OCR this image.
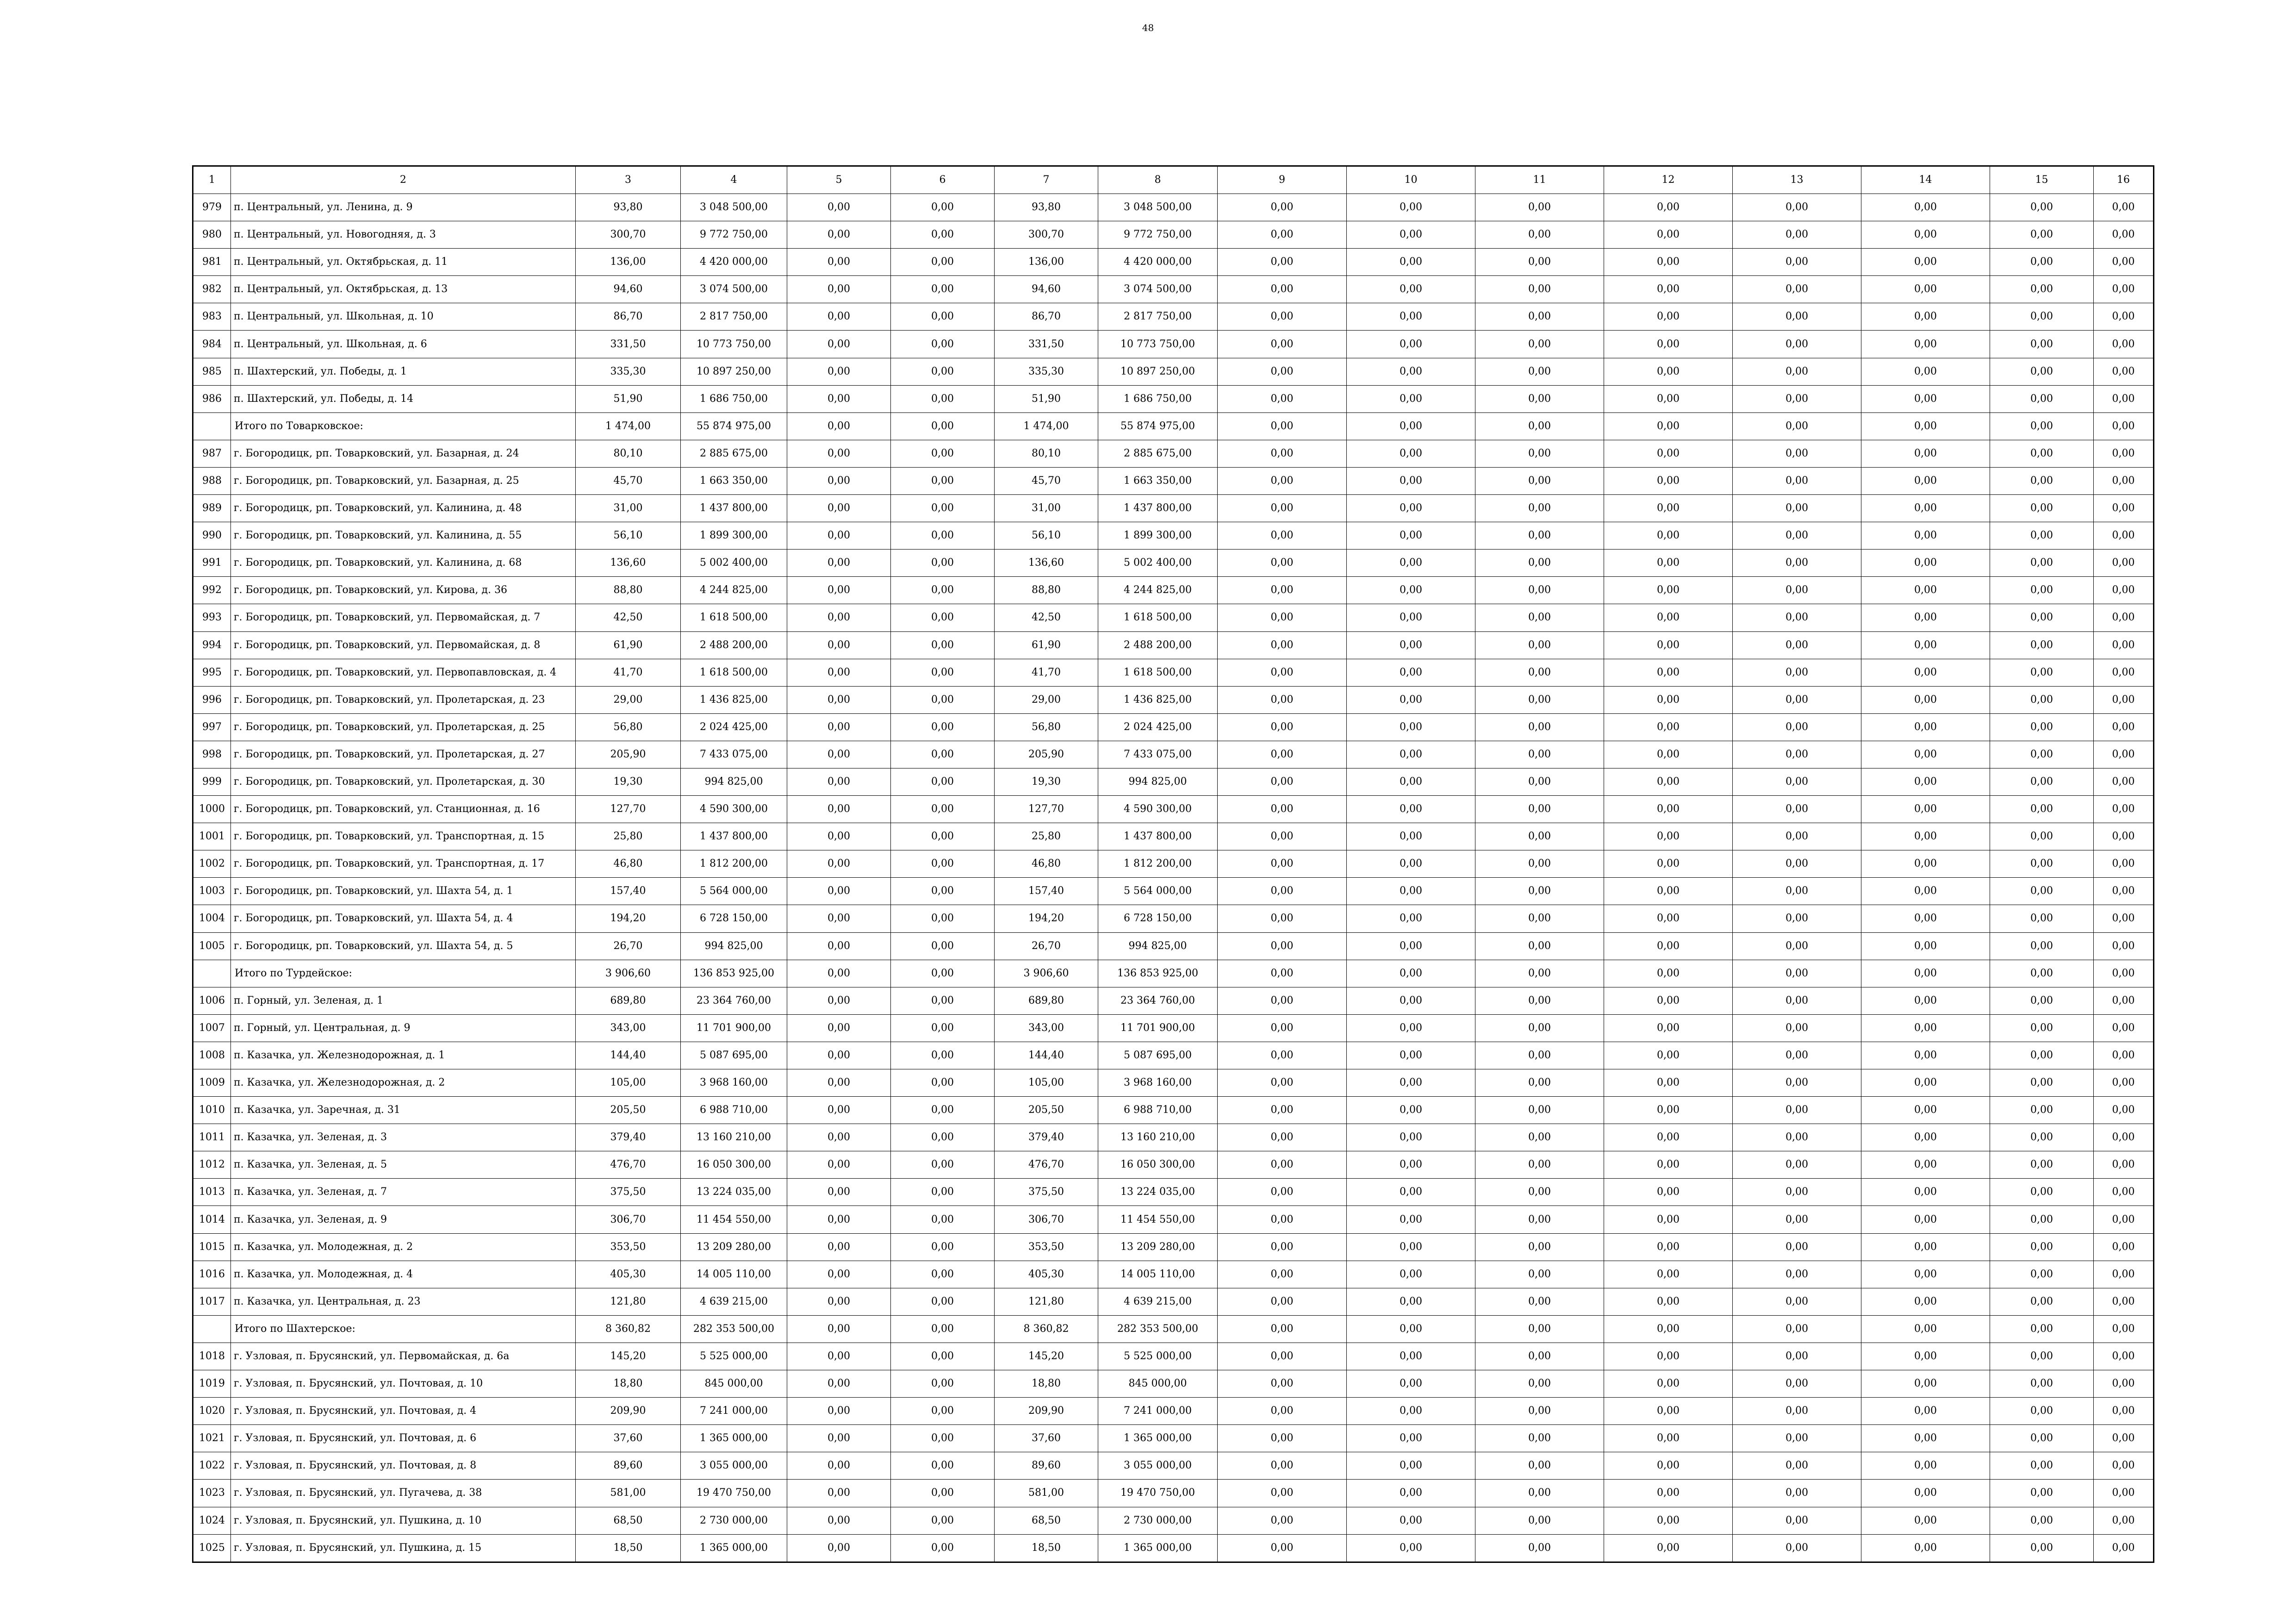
48
1	2	3	4	5	6	7	8	9	10	11	12	13	14	15	16
979	п. Центральный, ул. Ленина, д. 9	93,80	3 048 500,00	0,00	0,00	93,80	3 048 500,00	0,00	0,00	0,00	0,00	0,00	0,00	0,00	0,00
980	п. Центральный, ул. Новогодняя, д. 3	300,70	9 772 750,00	0,00	0,00	300,70	9 772 750,00	0,00	0,00	0,00	0,00	0,00	0,00	0,00	0,00
981	п. Центральный, ул. Октябрьская, д. 11	136,00	4 420 000,00	0,00	0,00	136,00	4 420 000,00	0,00	0,00	0,00	0,00	0,00	0,00	0,00	0,00
982	п. Центральный, ул. Октябрьская, д. 13	94,60	3 074 500,00	0,00	0,00	94,60	3 074 500,00	0,00	0,00	0,00	0,00	0,00	0,00	0,00	0,00
983	п. Центральный, ул. Школьная, д. 10	86,70	2 817 750,00	0,00	0,00	86,70	2 817 750,00	0,00	0,00	0,00	0,00	0,00	0,00	0,00	0,00
984	п. Центральный, ул. Школьная, д. 6	331,50	10 773 750,00	0,00	0,00	331,50	10 773 750,00	0,00	0,00	0,00	0,00	0,00	0,00	0,00	0,00
985	п. Шахтерский, ул. Победы, д. 1	335,30	10 897 250,00	0,00	0,00	335,30	10 897 250,00	0,00	0,00	0,00	0,00	0,00	0,00	0,00	0,00
986	п. Шахтерский, ул. Победы, д. 14	51,90	1 686 750,00	0,00	0,00	51,90	1 686 750,00	0,00	0,00	0,00	0,00	0,00	0,00	0,00	0,00
	Итого по Товарковское:	1 474,00	55 874 975,00	0,00	0,00	1 474,00	55 874 975,00	0,00	0,00	0,00	0,00	0,00	0,00	0,00	0,00
987	г. Богородицк, рп. Товарковский, ул. Базарная, д. 24	80,10	2 885 675,00	0,00	0,00	80,10	2 885 675,00	0,00	0,00	0,00	0,00	0,00	0,00	0,00	0,00
988	г. Богородицк, рп. Товарковский, ул. Базарная, д. 25	45,70	1 663 350,00	0,00	0,00	45,70	1 663 350,00	0,00	0,00	0,00	0,00	0,00	0,00	0,00	0,00
989	г. Богородицк, рп. Товарковский, ул. Калинина, д. 48	31,00	1 437 800,00	0,00	0,00	31,00	1 437 800,00	0,00	0,00	0,00	0,00	0,00	0,00	0,00	0,00
990	г. Богородицк, рп. Товарковский, ул. Калинина, д. 55	56,10	1 899 300,00	0,00	0,00	56,10	1 899 300,00	0,00	0,00	0,00	0,00	0,00	0,00	0,00	0,00
991	г. Богородицк, рп. Товарковский, ул. Калинина, д. 68	136,60	5 002 400,00	0,00	0,00	136,60	5 002 400,00	0,00	0,00	0,00	0,00	0,00	0,00	0,00	0,00
992	г. Богородицк, рп. Товарковский, ул. Кирова, д. 36	88,80	4 244 825,00	0,00	0,00	88,80	4 244 825,00	0,00	0,00	0,00	0,00	0,00	0,00	0,00	0,00
993	г. Богородицк, рп. Товарковский, ул. Первомайская, д. 7	42,50	1 618 500,00	0,00	0,00	42,50	1 618 500,00	0,00	0,00	0,00	0,00	0,00	0,00	0,00	0,00
994	г. Богородицк, рп. Товарковский, ул. Первомайская, д. 8	61,90	2 488 200,00	0,00	0,00	61,90	2 488 200,00	0,00	0,00	0,00	0,00	0,00	0,00	0,00	0,00
995	г. Богородицк, рп. Товарковский, ул. Первопавловская, д. 4	41,70	1 618 500,00	0,00	0,00	41,70	1 618 500,00	0,00	0,00	0,00	0,00	0,00	0,00	0,00	0,00
996	г. Богородицк, рп. Товарковский, ул. Пролетарская, д. 23	29,00	1 436 825,00	0,00	0,00	29,00	1 436 825,00	0,00	0,00	0,00	0,00	0,00	0,00	0,00	0,00
997	г. Богородицк, рп. Товарковский, ул. Пролетарская, д. 25	56,80	2 024 425,00	0,00	0,00	56,80	2 024 425,00	0,00	0,00	0,00	0,00	0,00	0,00	0,00	0,00
998	г. Богородицк, рп. Товарковский, ул. Пролетарская, д. 27	205,90	7 433 075,00	0,00	0,00	205,90	7 433 075,00	0,00	0,00	0,00	0,00	0,00	0,00	0,00	0,00
999	г. Богородицк, рп. Товарковский, ул. Пролетарская, д. 30	19,30	994 825,00	0,00	0,00	19,30	994 825,00	0,00	0,00	0,00	0,00	0,00	0,00	0,00	0,00
1000	г. Богородицк, рп. Товарковский, ул. Станционная, д. 16	127,70	4 590 300,00	0,00	0,00	127,70	4 590 300,00	0,00	0,00	0,00	0,00	0,00	0,00	0,00	0,00
1001	г. Богородицк, рп. Товарковский, ул. Транспортная, д. 15	25,80	1 437 800,00	0,00	0,00	25,80	1 437 800,00	0,00	0,00	0,00	0,00	0,00	0,00	0,00	0,00
1002	г. Богородицк, рп. Товарковский, ул. Транспортная, д. 17	46,80	1 812 200,00	0,00	0,00	46,80	1 812 200,00	0,00	0,00	0,00	0,00	0,00	0,00	0,00	0,00
1003	г. Богородицк, рп. Товарковский, ул. Шахта 54, д. 1	157,40	5 564 000,00	0,00	0,00	157,40	5 564 000,00	0,00	0,00	0,00	0,00	0,00	0,00	0,00	0,00
1004	г. Богородицк, рп. Товарковский, ул. Шахта 54, д. 4	194,20	6 728 150,00	0,00	0,00	194,20	6 728 150,00	0,00	0,00	0,00	0,00	0,00	0,00	0,00	0,00
1005	г. Богородицк, рп. Товарковский, ул. Шахта 54, д. 5	26,70	994 825,00	0,00	0,00	26,70	994 825,00	0,00	0,00	0,00	0,00	0,00	0,00	0,00	0,00
	Итого по Турдейское:	3 906,60	136 853 925,00	0,00	0,00	3 906,60	136 853 925,00	0,00	0,00	0,00	0,00	0,00	0,00	0,00	0,00
1006	п. Горный, ул. Зеленая, д. 1	689,80	23 364 760,00	0,00	0,00	689,80	23 364 760,00	0,00	0,00	0,00	0,00	0,00	0,00	0,00	0,00
1007	п. Горный, ул. Центральная, д. 9	343,00	11 701 900,00	0,00	0,00	343,00	11 701 900,00	0,00	0,00	0,00	0,00	0,00	0,00	0,00	0,00
1008	п. Казачка, ул. Железнодорожная, д. 1	144,40	5 087 695,00	0,00	0,00	144,40	5 087 695,00	0,00	0,00	0,00	0,00	0,00	0,00	0,00	0,00
1009	п. Казачка, ул. Железнодорожная, д. 2	105,00	3 968 160,00	0,00	0,00	105,00	3 968 160,00	0,00	0,00	0,00	0,00	0,00	0,00	0,00	0,00
1010	п. Казачка, ул. Заречная, д. 31	205,50	6 988 710,00	0,00	0,00	205,50	6 988 710,00	0,00	0,00	0,00	0,00	0,00	0,00	0,00	0,00
1011	п. Казачка, ул. Зеленая, д. 3	379,40	13 160 210,00	0,00	0,00	379,40	13 160 210,00	0,00	0,00	0,00	0,00	0,00	0,00	0,00	0,00
1012	п. Казачка, ул. Зеленая, д. 5	476,70	16 050 300,00	0,00	0,00	476,70	16 050 300,00	0,00	0,00	0,00	0,00	0,00	0,00	0,00	0,00
1013	п. Казачка, ул. Зеленая, д. 7	375,50	13 224 035,00	0,00	0,00	375,50	13 224 035,00	0,00	0,00	0,00	0,00	0,00	0,00	0,00	0,00
1014	п. Казачка, ул. Зеленая, д. 9	306,70	11 454 550,00	0,00	0,00	306,70	11 454 550,00	0,00	0,00	0,00	0,00	0,00	0,00	0,00	0,00
1015	п. Казачка, ул. Молодежная, д. 2	353,50	13 209 280,00	0,00	0,00	353,50	13 209 280,00	0,00	0,00	0,00	0,00	0,00	0,00	0,00	0,00
1016	п. Казачка, ул. Молодежная, д. 4	405,30	14 005 110,00	0,00	0,00	405,30	14 005 110,00	0,00	0,00	0,00	0,00	0,00	0,00	0,00	0,00
1017	п. Казачка, ул. Центральная, д. 23	121,80	4 639 215,00	0,00	0,00	121,80	4 639 215,00	0,00	0,00	0,00	0,00	0,00	0,00	0,00	0,00
	Итого по Шахтерское:	8 360,82	282 353 500,00	0,00	0,00	8 360,82	282 353 500,00	0,00	0,00	0,00	0,00	0,00	0,00	0,00	0,00
1018	г. Узловая, п. Брусянский, ул. Первомайская, д. 6а	145,20	5 525 000,00	0,00	0,00	145,20	5 525 000,00	0,00	0,00	0,00	0,00	0,00	0,00	0,00	0,00
1019	г. Узловая, п. Брусянский, ул. Почтовая, д. 10	18,80	845 000,00	0,00	0,00	18,80	845 000,00	0,00	0,00	0,00	0,00	0,00	0,00	0,00	0,00
1020	г. Узловая, п. Брусянский, ул. Почтовая, д. 4	209,90	7 241 000,00	0,00	0,00	209,90	7 241 000,00	0,00	0,00	0,00	0,00	0,00	0,00	0,00	0,00
1021	г. Узловая, п. Брусянский, ул. Почтовая, д. 6	37,60	1 365 000,00	0,00	0,00	37,60	1 365 000,00	0,00	0,00	0,00	0,00	0,00	0,00	0,00	0,00
1022	г. Узловая, п. Брусянский, ул. Почтовая, д. 8	89,60	3 055 000,00	0,00	0,00	89,60	3 055 000,00	0,00	0,00	0,00	0,00	0,00	0,00	0,00	0,00
1023	г. Узловая, п. Брусянский, ул. Пугачева, д. 38	581,00	19 470 750,00	0,00	0,00	581,00	19 470 750,00	0,00	0,00	0,00	0,00	0,00	0,00	0,00	0,00
1024	г. Узловая, п. Брусянский, ул. Пушкина, д. 10	68,50	2 730 000,00	0,00	0,00	68,50	2 730 000,00	0,00	0,00	0,00	0,00	0,00	0,00	0,00	0,00
1025	г. Узловая, п. Брусянский, ул. Пушкина, д. 15	18,50	1 365 000,00	0,00	0,00	18,50	1 365 000,00	0,00	0,00	0,00	0,00	0,00	0,00	0,00	0,00
